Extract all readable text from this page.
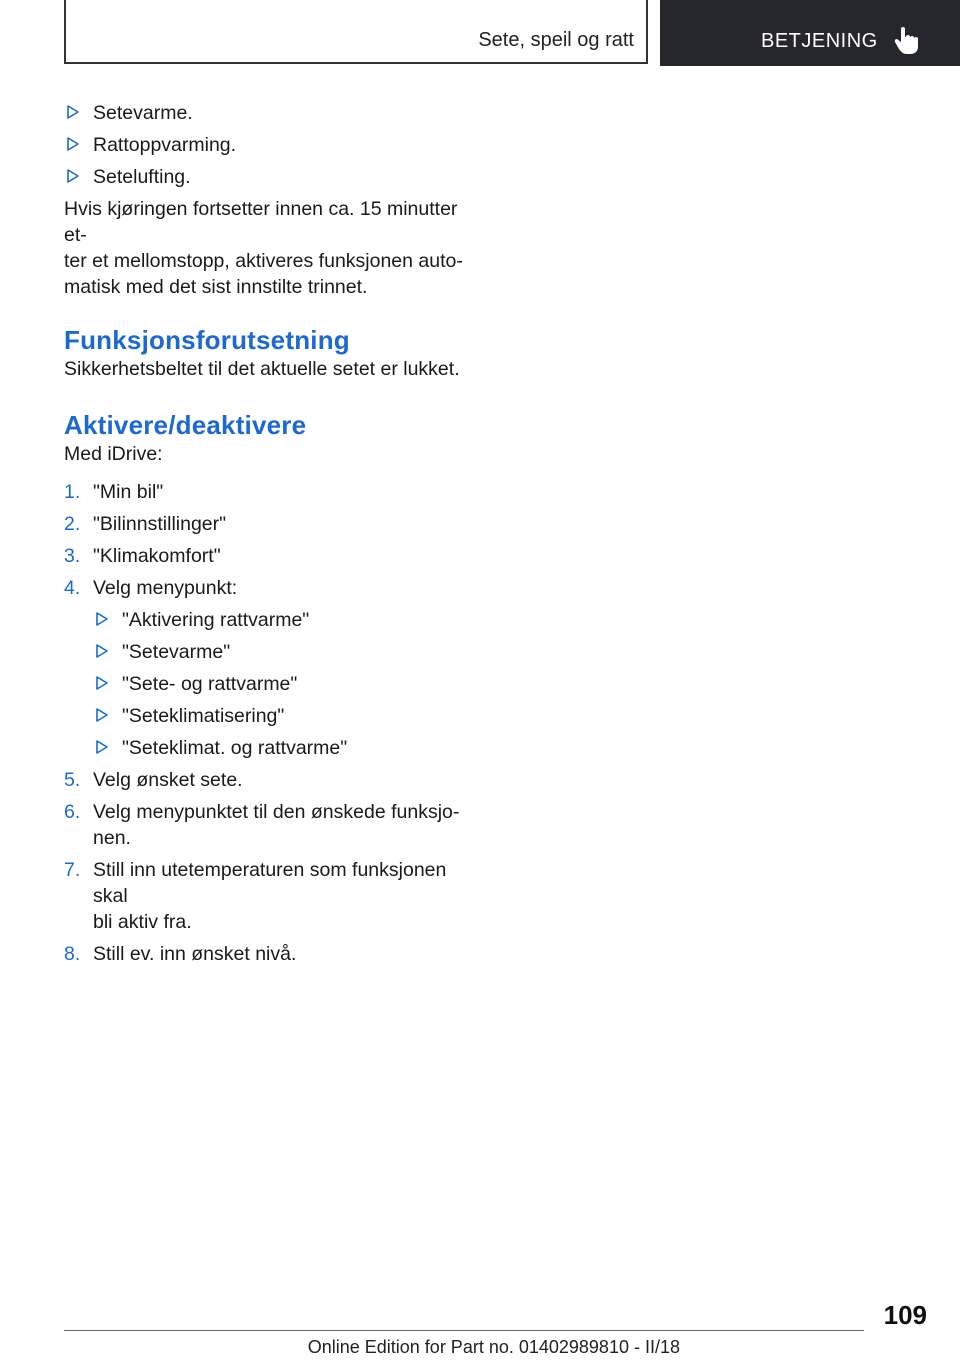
Sete, speil og ratt	BETJENING
Setevarme.
Rattoppvarming.
Setelufting.
Hvis kjøringen fortsetter innen ca. 15 minutter et-
ter et mellomstopp, aktiveres funksjonen auto-
matisk med det sist innstilte trinnet.
Funksjonsforutsetning
Sikkerhetsbeltet til det aktuelle setet er lukket.
Aktivere/deaktivere
Med iDrive:
1. "Min bil"
2. "Bilinnstillinger"
3. "Klimakomfort"
4. Velg menypunkt:
"Aktivering rattvarme"
"Setevarme"
"Sete- og rattvarme"
"Seteklimatisering"
"Seteklimat. og rattvarme"
5. Velg ønsket sete.
6. Velg menypunktet til den ønskede funksjo-
nen.
7. Still inn utetemperaturen som funksjonen skal
bli aktiv fra.
8. Still ev. inn ønsket nivå.
109
Online Edition for Part no. 01402989810 - II/18
